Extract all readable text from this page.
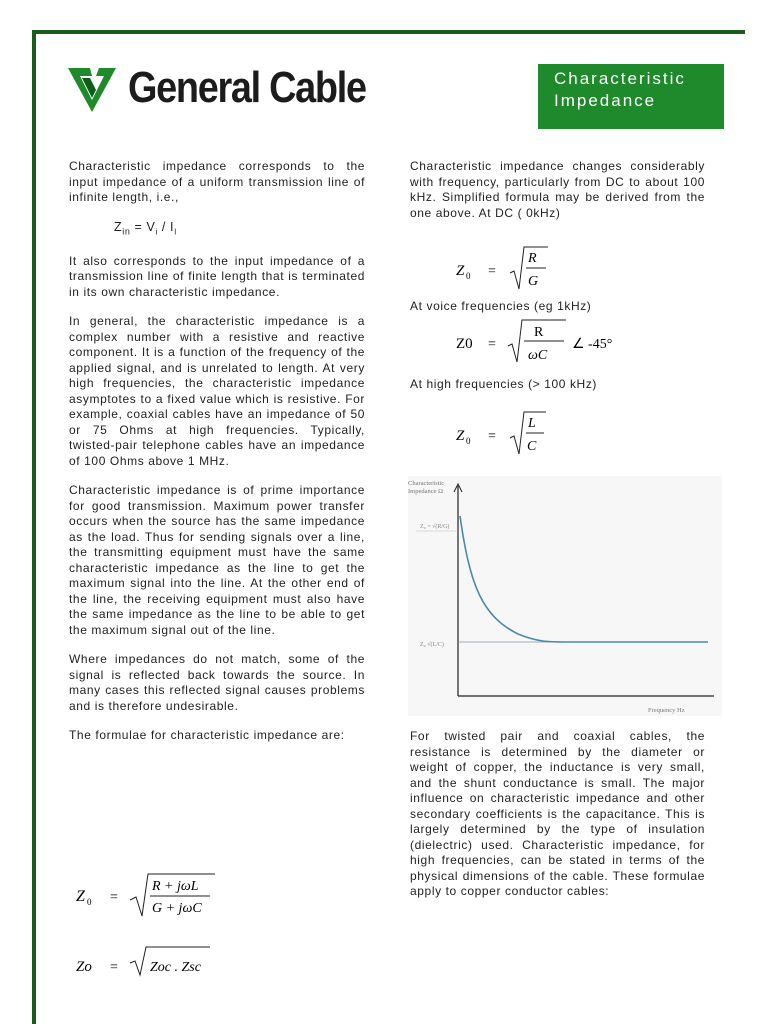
General Cable	Characteristic
Impedance

Characteristic impedance corresponds to the input impedance of a uniform transmission line of infinite length, i.e.,

$Z_{in} = V_i / I_I$

It also corresponds to the input impedance of a transmission line of finite length that is terminated in its own characteristic impedance.

In general, the characteristic impedance is a complex number with a resistive and reactive component. It is a function of the frequency of the applied signal, and is unrelated to length. At very high frequencies, the characteristic impedance asymptotes to a fixed value which is resistive. For example, coaxial cables have an impedance of 50 or 75 Ohms at high frequencies. Typically, twisted-pair telephone cables have an impedance of 100 Ohms above 1 MHz.

Characteristic impedance is of prime importance for good transmission. Maximum power transfer occurs when the source has the same impedance as the load. Thus for sending signals over a line, the transmitting equipment must have the same characteristic impedance as the line to get the maximum signal into the line. At the other end of the line, the receiving equipment must also have the same impedance as the line to be able to get the maximum signal out of the line.

Where impedances do not match, some of the signal is reflected back towards the source. In many cases this reflected signal causes problems and is therefore undesirable.

The formulae for characteristic impedance are:

Z 0 =
R + jωL
G + jωC
Zo = Zoc . Zsc

Characteristic impedance changes considerably with frequency, particularly from DC to about 100 kHz. Simplified formula may be derived from the one above. At DC ( 0kHz)

Z 0 =
R
G
At voice frequencies (eg 1kHz)
Z0 =
R
ωC
∠ -45°
At high frequencies (> 100 kHz)
Z 0 =
L
C
Characteristic
Impedance Ω
Z₀ = √(R/G)
Z₀ √(L/C)
Frequency Hz

For twisted pair and coaxial cables, the resistance is determined by the diameter or weight of copper, the inductance is very small, and the shunt conductance is small. The major influence on characteristic impedance and other secondary coefficients is the capacitance. This is largely determined by the type of insulation (dielectric) used. Characteristic impedance, for high frequencies, can be stated in terms of the physical dimensions of the cable. These formulae apply to copper conductor cables:
